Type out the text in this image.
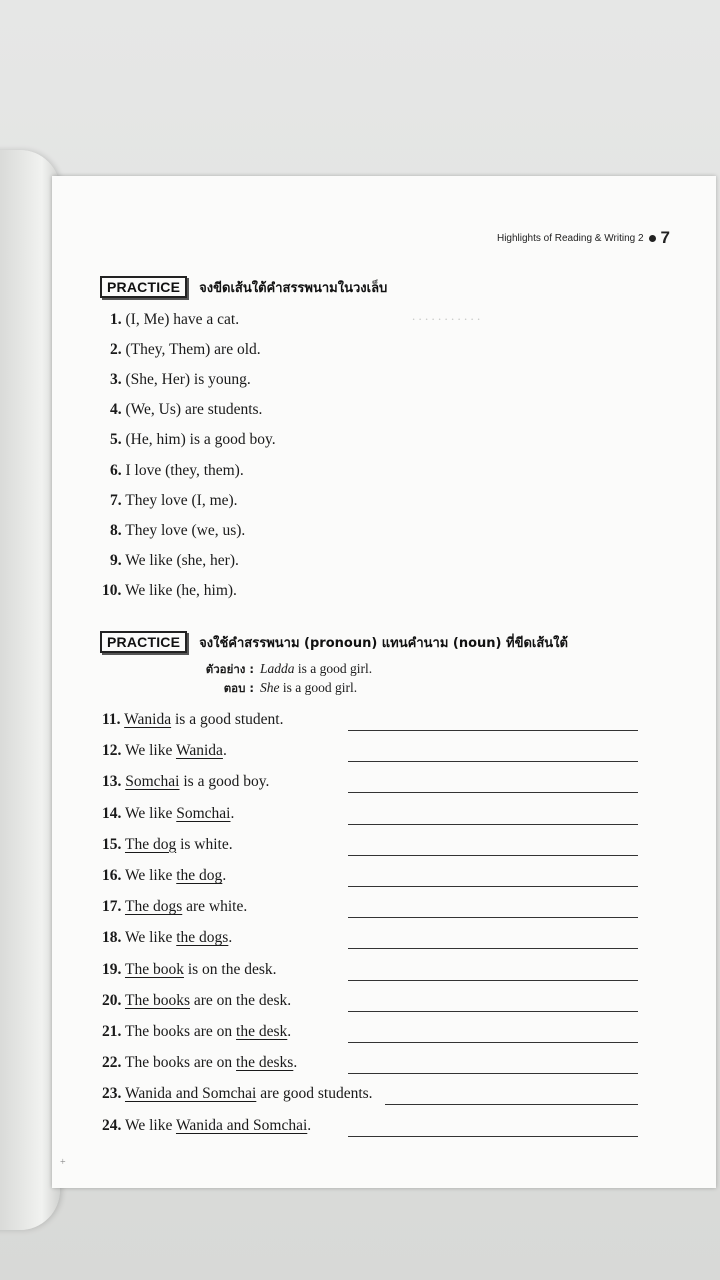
. . . . . . . . . . .
Highlights of Reading & Writing 2 7
PRACTICE	จงขีดเส้นใต้คำสรรพนามในวงเล็บ
1. (I, Me) have a cat.
2. (They, Them) are old.
3. (She, Her) is young.
4. (We, Us) are students.
5. (He, him) is a good boy.
6. I love (they, them).
7. They love (I, me).
8. They love (we, us).
9. We like (she, her).
10. We like (he, him).
PRACTICE	จงใช้คำสรรพนาม (pronoun) แทนคำนาม (noun) ที่ขีดเส้นใต้
ตัวอย่าง : Ladda is a good girl.
ตอบ : She is a good girl.
11. Wanida is a good student.
12. We like Wanida.
13. Somchai is a good boy.
14. We like Somchai.
15. The dog is white.
16. We like the dog.
17. The dogs are white.
18. We like the dogs.
19. The book is on the desk.
20. The books are on the desk.
21. The books are on the desk.
22. The books are on the desks.
23. Wanida and Somchai are good students.
24. We like Wanida and Somchai.
+
